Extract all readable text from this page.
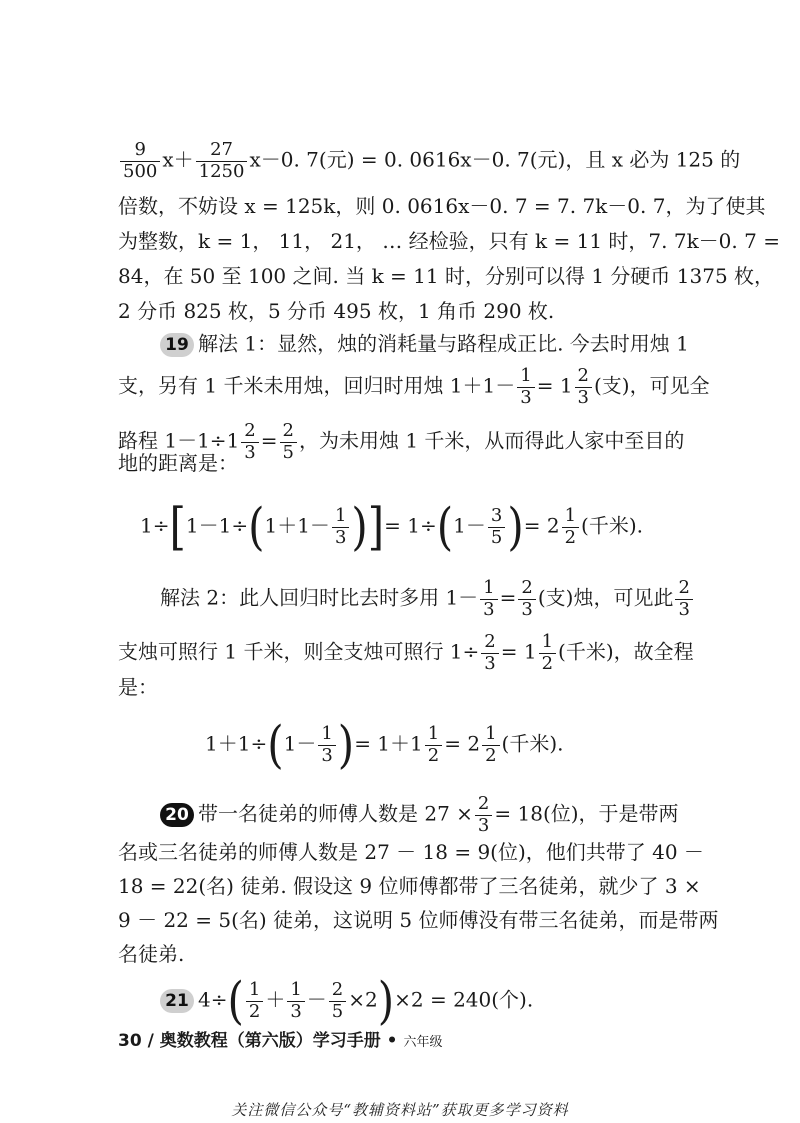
$\frac{9}{500} x+ \frac{27}{1250} x-0$. 7(元) = 0. 0616x－0. 7(元)，且 x 必为 125 的
倍数，不妨设 x = 125k，则 0. 0616x－0. 7 = 7. 7k－0. 7，为了使其
为整数，k = 1， 11， 21， … 经检验，只有 k = 11 时，7. 7k－0. 7 =
84，在 50 至 100 之间. 当 k = 11 时，分别可以得 1 分硬币 1375 枚，
2 分币 825 枚，5 分币 495 枚，1 角币 290 枚.
19 解法 1：显然，烛的消耗量与路程成正比. 今去时用烛 1
支，另有 1 千米未用烛，回归时用烛 $1+1- \frac{1}{3} = 1 \frac{2}{3}$ (支)，可见全
路程 $1-1\div 1 \frac{2}{3} = \frac{2}{5}$ ，为未用烛 1 千米，从而得此人家中至目的
地的距离是：
$1\div[1-1\div(1+1- \frac{1}{3}$ )]= $1\div(1- \frac{3}{5}$ )= $2 \frac{1}{2}$ (千米).
解法 2：此人回归时比去时多用 $1- \frac{1}{3} = \frac{2}{3}$ (支)烛，可见此 $\frac{2}{3}$
支烛可照行 1 千米，则全支烛可照行 $1\div \frac{2}{3} = 1 \frac{1}{2}$ (千米)，故全程
是：
$1+1\div(1- \frac{1}{3}$ )= $1+1 \frac{1}{2} = 2 \frac{1}{2}$ (千米).
20 带一名徒弟的师傅人数是 $27 \times \frac{2}{3} = 18$(位)，于是带两
名或三名徒弟的师傅人数是 27 － 18 = 9(位)，他们共带了 40 －
18 = 22(名) 徒弟. 假设这 9 位师傅都带了三名徒弟，就少了 3 ×
9 － 22 = 5(名) 徒弟，这说明 5 位师傅没有带三名徒弟，而是带两
名徒弟.
21 $4\div( \frac{1}{2} + \frac{1}{3} - \frac{2}{5} \times 2)\times 2 = 240$(个).
30 / 奥数教程（第六版）学习手册 • 六年级
关注微信公众号“教辅资料站”获取更多学习资料
